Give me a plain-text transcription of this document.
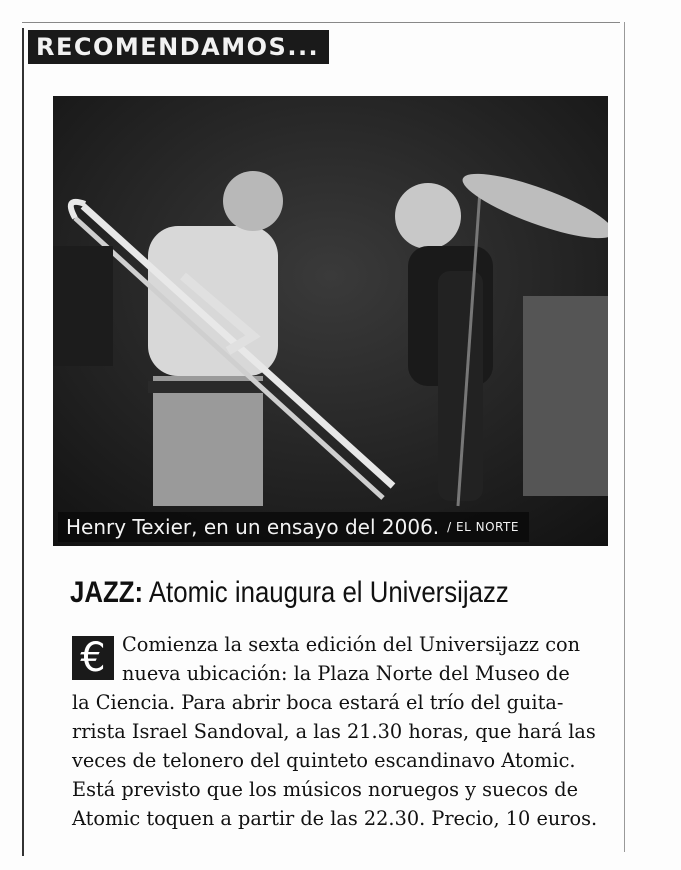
RECOMENDAMOS...
Henry Texier, en un ensayo del 2006. / EL NORTE
JAZZ: Atomic inaugura el Universijazz
€ Comienza la sexta edición del Universijazz con
nueva ubicación: la Plaza Norte del Museo de
la Ciencia. Para abrir boca estará el trío del guita-
rrista Israel Sandoval, a las 21.30 horas, que hará las
veces de telonero del quinteto escandinavo Atomic.
Está previsto que los músicos noruegos y suecos de
Atomic toquen a partir de las 22.30. Precio, 10 euros.
